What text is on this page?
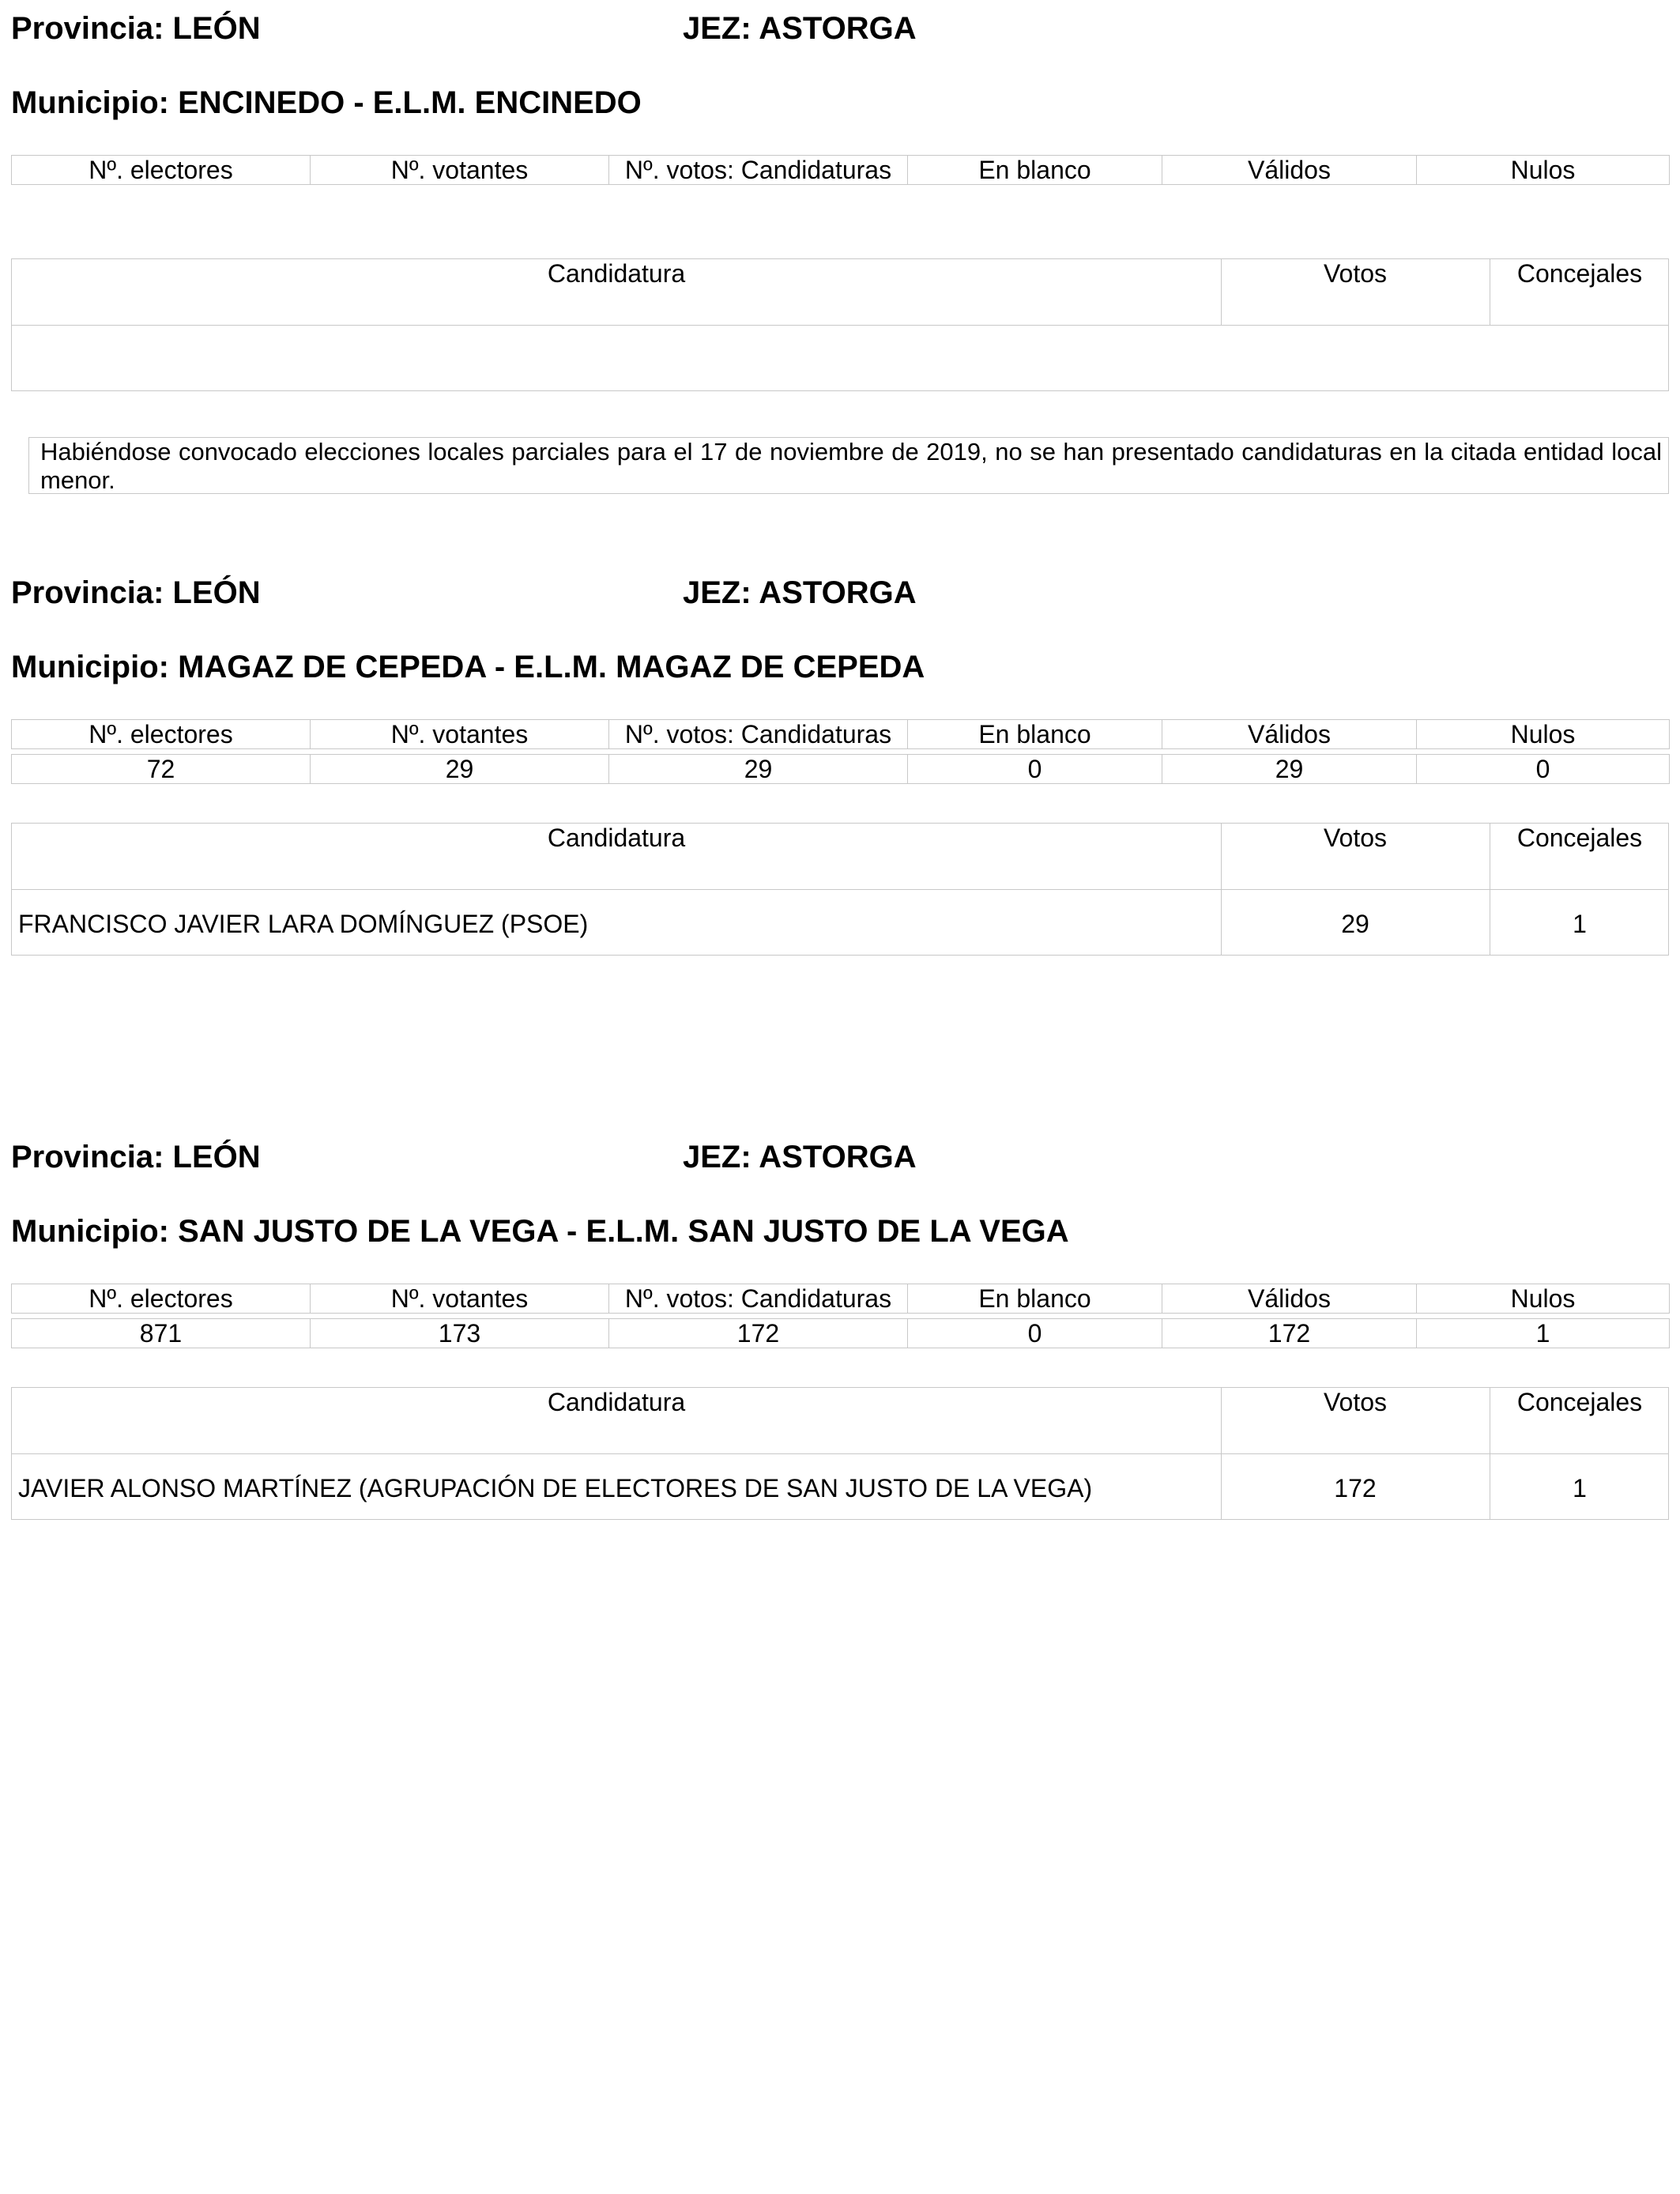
Provincia: LEÓN	JEZ: ASTORGA
Municipio: ENCINEDO - E.L.M. ENCINEDO
Nº. electores	Nº. votantes	Nº. votos: Candidaturas	En blanco	Válidos	Nulos
Candidatura	Votos	Concejales
Habiéndose convocado elecciones locales parciales para el 17 de noviembre de 2019, no se han presentado candidaturas en la citada entidad local menor.
Provincia: LEÓN	JEZ: ASTORGA
Municipio: MAGAZ DE CEPEDA - E.L.M. MAGAZ DE CEPEDA
Nº. electores	Nº. votantes	Nº. votos: Candidaturas	En blanco	Válidos	Nulos
72	29	29	0	29	0
Candidatura	Votos	Concejales
FRANCISCO JAVIER LARA DOMÍNGUEZ (PSOE)	29	1
Provincia: LEÓN	JEZ: ASTORGA
Municipio: SAN JUSTO DE LA VEGA - E.L.M. SAN JUSTO DE LA VEGA
Nº. electores	Nº. votantes	Nº. votos: Candidaturas	En blanco	Válidos	Nulos
871	173	172	0	172	1
Candidatura	Votos	Concejales
JAVIER ALONSO MARTÍNEZ (AGRUPACIÓN DE ELECTORES DE SAN JUSTO DE LA VEGA)	172	1
